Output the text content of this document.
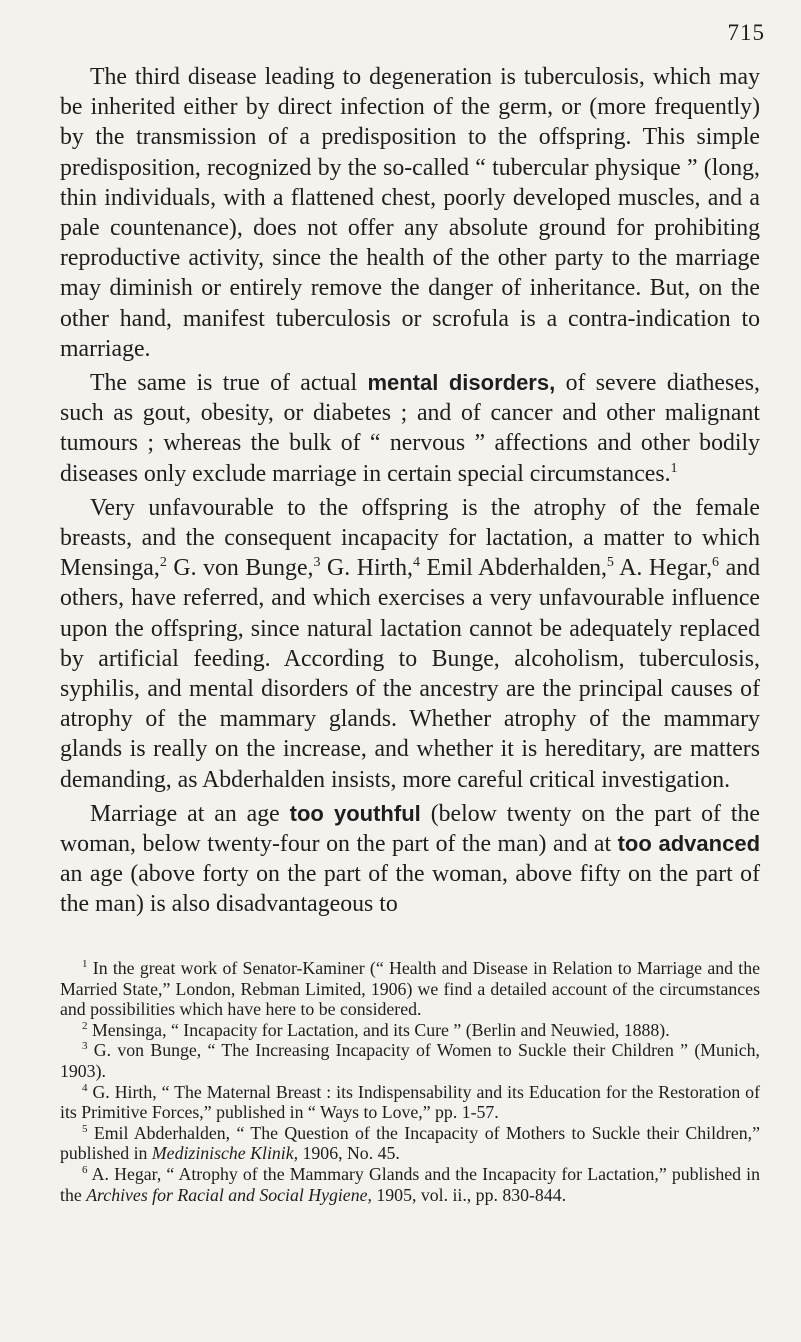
715

The third disease leading to degeneration is tuberculosis, which may be inherited either by direct infection of the germ, or (more frequently) by the transmission of a predisposition to the offspring. This simple predisposition, recognized by the so-called “ tubercular physique ” (long, thin individuals, with a flattened chest, poorly developed muscles, and a pale countenance), does not offer any absolute ground for prohibiting reproductive activity, since the health of the other party to the marriage may diminish or entirely remove the danger of inheritance. But, on the other hand, manifest tuberculosis or scrofula is a contra-indication to marriage.

The same is true of actual mental disorders, of severe diatheses, such as gout, obesity, or diabetes ; and of cancer and other malignant tumours ; whereas the bulk of “ nervous ” affections and other bodily diseases only exclude marriage in certain special circumstances.$^1$

Very unfavourable to the offspring is the atrophy of the female breasts, and the consequent incapacity for lactation, a matter to which Mensinga,$^2$ G. von Bunge,$^3$ G. Hirth,$^4$ Emil Abderhalden,$^5$ A. Hegar,$^6$ and others, have referred, and which exercises a very unfavourable influence upon the offspring, since natural lactation cannot be adequately replaced by artificial feeding. According to Bunge, alcoholism, tuberculosis, syphilis, and mental disorders of the ancestry are the principal causes of atrophy of the mammary glands. Whether atrophy of the mammary glands is really on the increase, and whether it is hereditary, are matters demanding, as Abderhalden insists, more careful critical investigation.

Marriage at an age too youthful (below twenty on the part of the woman, below twenty-four on the part of the man) and at too advanced an age (above forty on the part of the woman, above fifty on the part of the man) is also disadvantageous to

$^1$ In the great work of Senator-Kaminer (“ Health and Disease in Relation to Marriage and the Married State,” London, Rebman Limited, 1906) we find a detailed account of the circumstances and possibilities which have here to be considered.

$^2$ Mensinga, “ Incapacity for Lactation, and its Cure ” (Berlin and Neuwied, 1888).

$^3$ G. von Bunge, “ The Increasing Incapacity of Women to Suckle their Children ” (Munich, 1903).

$^4$ G. Hirth, “ The Maternal Breast : its Indispensability and its Education for the Restoration of its Primitive Forces,” published in “ Ways to Love,” pp. 1-57.

$^5$ Emil Abderhalden, “ The Question of the Incapacity of Mothers to Suckle their Children,” published in Medizinische Klinik, 1906, No. 45.

$^6$ A. Hegar, “ Atrophy of the Mammary Glands and the Incapacity for Lactation,” published in the Archives for Racial and Social Hygiene, 1905, vol. ii., pp. 830-844.
